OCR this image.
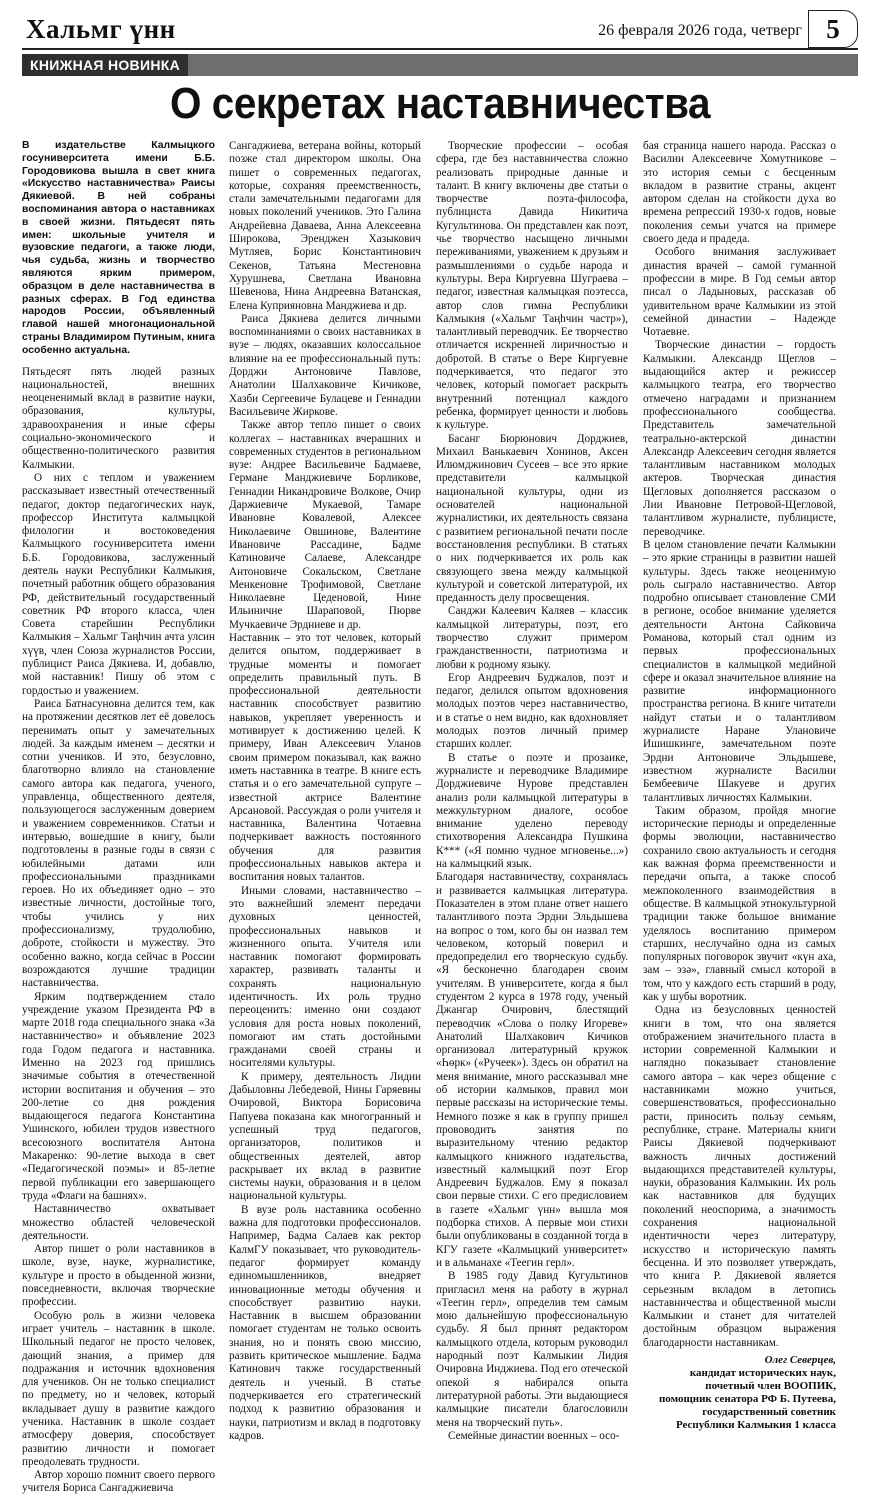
Хальмг үнн	26 февраля 2026 года, четверг 5
КНИЖНАЯ НОВИНКА
О секретах наставничества
В издательстве Калмыцкого госуниверситета имени Б.Б. Городовикова вышла в свет книга «Искусство наставничества» Раисы Дякиевой. В ней собраны воспоминания автора о наставниках в своей жизни. Пятьдесят пять имен: школьные учителя и вузовские педагоги, а также люди, чья судьба, жизнь и творчество являются ярким примером, образцом в деле наставничества в разных сферах. В Год единства народов России, объявленный главой нашей многонациональной страны Владимиром Путиным, книга особенно актуальна.

Пятьдесят пять людей разных национальностей, внешних неоцененимый вклад в развитие науки, образования, культуры, здравоохранения и иные сферы социально-экономического и общественно-политического развития Калмыкии.

О них с теплом и уважением рассказывает известный отечественный педагог, доктор педагогических наук, профессор Института калмыцкой филологии и востоковедения Калмыцкого госуниверситета имени Б.Б. Городовикова, заслуженный деятель науки Республики Калмыкия, почетный работник общего образования РФ, действительный государственный советник РФ второго класса, член Совета старейшин Республики Калмыкия – Хальмг Таңһчин ачта улсин хүүв, член Союза журналистов России, публицист Раиса Дякиева. И, добавлю, мой наставник! Пишу об этом с гордостью и уважением.

Раиса Батнасуновна делится тем, как на протяжении десятков лет её довелось перенимать опыт у замечательных людей. За каждым именем – десятки и сотни учеников. И это, безусловно, благотворно влияло на становление самого автора как педагога, ученого, управленца, общественного деятеля, пользующегося заслуженным доверием и уважением современников. Статьи и интервью, вошедшие в книгу, были подготовлены в разные годы в связи с юбилейными датами или профессиональными праздниками героев. Но их объединяет одно – это известные личности, достойные того, чтобы учились у них профессионализму, трудолюбию, доброте, стойкости и мужеству. Это особенно важно, когда сейчас в России возрождаются лучшие традиции наставничества.

Ярким подтверждением стало учреждение указом Президента РФ в марте 2018 года специального знака «За наставничество» и объявление 2023 года Годом педагога и наставника. Именно на 2023 год пришлись значимые события в отечественной истории воспитания и обучения – это 200-летие со дня рождения выдающегося педагога Константина Ушинского, юбилеи трудов известного всесоюзного воспитателя Антона Макаренко: 90-летие выхода в свет «Педагогической поэмы» и 85-летие первой публикации его завершающего труда «Флаги на башнях».

Наставничество охватывает множество областей человеческой деятельности.

Автор пишет о роли наставников в школе, вузе, науке, журналистике, культуре и просто в обыденной жизни, повседневности, включая творческие профессии.

Особую роль в жизни человека играет учитель – наставник в школе. Школьный педагог не просто человек, дающий знания, а пример для подражания и источник вдохновения для учеников. Он не только специалист по предмету, но и человек, который вкладывает душу в развитие каждого ученика. Наставник в школе создает атмосферу доверия, способствует развитию личности и помогает преодолевать трудности.

Автор хорошо помнит своего первого учителя Бориса Сангаджиевича

Сангаджиева, ветерана войны, который позже стал директором школы. Она пишет о современных педагогах, которые, сохраняя преемственность, стали замечательными педагогами для новых поколений учеников. Это Галина Андрейевна Даваева, Анна Алексеевна Широкова, Эренджен Хазыкович Мутляев, Борис Константинович Секенов, Татьяна Местеновна Хурушнева, Светлана Ивановна Шевенова, Нина Андреевна Ватанская, Елена Куприяновна Манджиева и др.

Раиса Дякиева делится личными воспоминаниями о своих наставниках в вузе – людях, оказавших колоссальное влияние на ее профессиональный путь: Дорджи Антоновиче Павлове, Анатолии Шалхаковиче Кичикове, Хазби Сергеевиче Булацеве и Геннадии Васильевиче Жиркове.

Также автор тепло пишет о своих коллегах – наставниках вчерашних и современных студентов в региональном вузе: Андрее Васильевиче Бадмаеве, Германе Манджиевиче Борликове, Геннадии Никандровиче Волкове, Очир Даржиевиче Мукаевой, Тамаре Ивановне Ковалевой, Алексее Николаевиче Овшинове, Валентине Ивановиче Рассадине, Бадме Катиновиче Салаеве, Александре Антоновиче Сокальском, Светлане Менкеновне Трофимовой, Светлане Николаевне Цеденовой, Нине Ильиничне Шараповой, Пюрве Мучкаевиче Эрдниеве и др.

Наставник – это тот человек, который делится опытом, поддерживает в трудные моменты и помогает определить правильный путь. В профессиональной деятельности наставник способствует развитию навыков, укрепляет уверенность и мотивирует к достижению целей. К примеру, Иван Алексеевич Уланов своим примером показывал, как важно иметь наставника в театре. В книге есть статья и о его замечательной супруге – известной актрисе Валентине Арсановой. Рассуждая о роли учителя и наставника, Валентина Чотаевна подчеркивает важность постоянного обучения для развития профессиональных навыков актера и воспитания новых талантов.

Иными словами, наставничество – это важнейший элемент передачи духовных ценностей, профессиональных навыков и жизненного опыта. Учителя или наставник помогают формировать характер, развивать таланты и сохранять национальную идентичность. Их роль трудно переоценить: именно они создают условия для роста новых поколений, помогают им стать достойными гражданами своей страны и носителями культуры.

К примеру, деятельность Лидии Дабыловны Лебедевой, Нины Гаряевны Очировой, Виктора Борисовича Папуева показана как многогранный и успешный труд педагогов, организаторов, политиков и общественных деятелей, автор раскрывает их вклад в развитие системы науки, образования и в целом национальной культуры.

В вузе роль наставника особенно важна для подготовки профессионалов. Например, Бадма Салаев как ректор КалмГУ показывает, что руководитель-педагог формирует команду единомышленников, внедряет инновационные методы обучения и способствует развитию науки. Наставник в высшем образовании помогает студентам не только освоить знания, но и понять свою миссию, развить критическое мышление. Бадма Катинович также государственный деятель и ученый. В статье подчеркивается его стратегический подход к развитию образования и науки, патриотизм и вклад в подготовку кадров.

Творческие профессии – особая сфера, где без наставничества сложно реализовать природные данные и талант. В книгу включены две статьи о творчестве поэта-философа, публициста Давида Никитича Кугультинова. Он представлен как поэт, чье творчество насыщено личными переживаниями, уважением к друзьям и размышлениями о судьбе народа и культуры. Вера Киргуевна Шуграева – педагог, известная калмыцкая поэтесса, автор слов гимна Республики Калмыкия («Хальмг Таңһчин частр»), талантливый переводчик. Ее творчество отличается искренней лиричностью и добротой. В статье о Вере Киргуевне подчеркивается, что педагог это человек, который помогает раскрыть внутренний потенциал каждого ребенка, формирует ценности и любовь к культуре.

Басанг Бюрюнович Дорджиев, Михаил Ванькаевич Хонинов, Аксен Илюмджинович Сусеев – все это яркие представители калмыцкой национальной культуры, одни из основателей национальной журналистики, их деятельность связана с развитием региональной печати после восстановления республики. В статьях о них подчеркивается их роль как связующего звена между калмыцкой культурой и советской литературой, их преданность делу просвещения.

Санджи Калеевич Каляев – классик калмыцкой литературы, поэт, его творчество служит примером гражданственности, патриотизма и любви к родному языку.

Егор Андреевич Буджалов, поэт и педагог, делился опытом вдохновения молодых поэтов через наставничество, и в статье о нем видно, как вдохновляет молодых поэтов личный пример старших коллег.

В статье о поэте и прозаике, журналисте и переводчике Владимире Дорджиевиче Нурове представлен анализ роли калмыцкой литературы в межкультурном диалоге, особое внимание уделено переводу стихотворения Александра Пушкина К*** («Я помню чудное мгновенье...») на калмыцкий язык.

Благодаря наставничеству, сохранялась и развивается калмыцкая литература. Показателен в этом плане ответ нашего талантливого поэта Эрдни Эльдышева на вопрос о том, кого бы он назвал тем человеком, который поверил и предопределил его творческую судьбу. «Я бесконечно благодарен своим учителям. В университете, когда я был студентом 2 курса в 1978 году, ученый Джангар Очирович, блестящий переводчик «Слова о полку Игореве» Анатолий Шалхакович Кичиков организовал литературный кружок «Һөрк» («Ручеек»). Здесь он обратил на меня внимание, много рассказывал мне об истории калмыков, правил мои первые рассказы на исторические темы. Немного позже я как в группу пришел прововодить занятия по выразительному чтению редактор калмыцкого книжного издательства, известный калмыцкий поэт Егор Андреевич Буджалов. Ему я показал свои первые стихи. С его предисловием в газете «Хальмг үнн» вышла моя подборка стихов. А первые мои стихи были опубликованы в созданной тогда в КГУ газете «Калмыцкий университет» и в альманахе «Теегин герл».

В 1985 году Давид Кугультинов пригласил меня на работу в журнал «Теегин герл», определив тем самым мою дальнейшую профессиональную судьбу. Я был принят редактором калмыцкого отдела, которым руководил народный поэт Калмыкии Лидия Очировна Инджиева. Под его отеческой опекой я набирался опыта литературной работы. Эти выдающиеся калмыцкие писатели благословили меня на творческий путь».

Семейные династии военных – осо-

бая страница нашего народа. Рассказ о Василии Алексеевиче Хомутникове – это история семьи с бесценным вкладом в развитие страны, акцент автором сделан на стойкости духа во времена репрессий 1930-х годов, новые поколения семьи учатся на примере своего деда и прадеда.

Особого внимания заслуживает династия врачей – самой гуманной профессии в мире. В Год семьи автор писал о Ладыновых, рассказав об удивительном враче Калмыкии из этой семейной династии – Надежде Чотаевне.

Творческие династии – гордость Калмыкии. Александр Щеглов – выдающийся актер и режиссер калмыцкого театра, его творчество отмечено наградами и признанием профессионального сообщества. Представитель замечательной театрально-актерской династии Александр Алексеевич сегодня является талантливым наставником молодых актеров. Творческая династия Щегловых дополняется рассказом о Лии Ивановне Петровой-Щегловой, талантливом журналисте, публицисте, переводчике.

В целом становление печати Калмыкии – это яркие страницы в развитии нашей культуры. Здесь также неоценимую роль сыграло наставничество. Автор подробно описывает становление СМИ в регионе, особое внимание уделяется деятельности Антона Сайковича Романова, который стал одним из первых профессиональных специалистов в калмыцкой медийной сфере и оказал значительное влияние на развитие информационного пространства региона. В книге читатели найдут статьи и о талантливом журналисте Наране Улановиче Ишишкинге, замечательном поэте Эрдни Антоновиче Эльдышеве, известном журналисте Василии Бембеевиче Шакуеве и других талантливых личностях Калмыкии.

Таким образом, пройдя многие исторические периоды и определенные формы эволюции, наставничество сохранило свою актуальность и сегодня как важная форма преемственности и передачи опыта, а также способ межпоколенного взаимодействия в обществе. В калмыцкой этнокультурной традиции также большое внимание уделялось воспитанию примером старших, неслучайно одна из самых популярных поговорок звучит «күн аха, зам – эзә», главный смысл которой в том, что у каждого есть старший в роду, как у шубы воротник.

Одна из безусловных ценностей книги в том, что она является отображением значительного пласта в истории современной Калмыкии и наглядно показывает становление самого автора – как через общение с наставниками можно учиться, совершенствоваться, профессионально расти, приносить пользу семьям, республике, стране. Материалы книги Раисы Дякиевой подчеркивают важность личных достижений выдающихся представителей культуры, науки, образования Калмыкии. Их роль как наставников для будущих поколений неоспорима, а значимость сохранения национальной идентичности через литературу, искусство и историческую память бесценна. И это позволяет утверждать, что книга Р. Дякиевой является серьезным вкладом в летопись наставничества и общественной мысли Калмыкии и станет для читателей достойным образцом выражения благодарности наставникам.

Олег Северцев,
кандидат исторических наук,
почетный член ВООПИК,
помощник сенатора РФ Б. Путеева,
государственный советник Республики Калмыкия 1 класса
